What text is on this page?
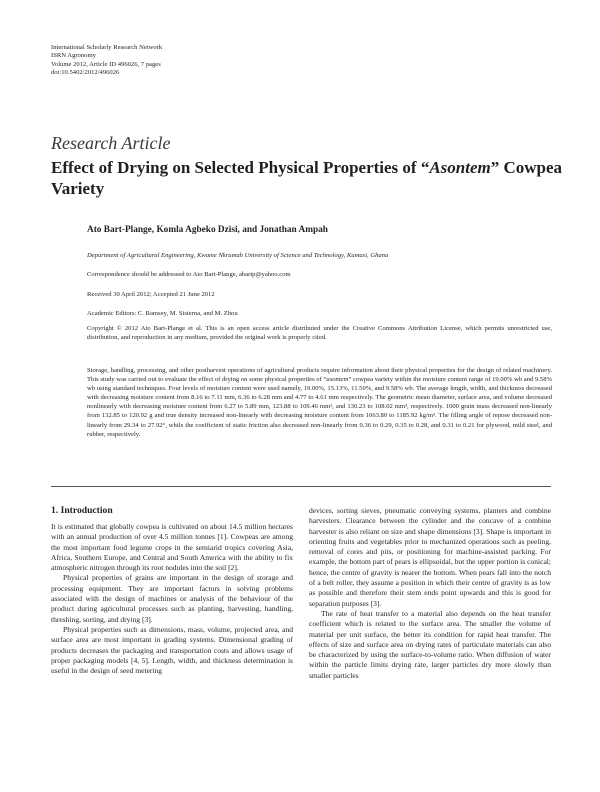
International Scholarly Research Network
ISRN Agronomy
Volume 2012, Article ID 496026, 7 pages
doi:10.5402/2012/496026
Research Article
Effect of Drying on Selected Physical Properties of “Asontem” Cowpea Variety
Ato Bart-Plange, Komla Agbeko Dzisi, and Jonathan Ampah
Department of Agricultural Engineering, Kwame Nkrumah University of Science and Technology, Kumasi, Ghana
Correspondence should be addressed to Ato Bart-Plange, abartp@yahoo.com
Received 30 April 2012; Accepted 21 June 2012
Academic Editors: C. Ramsey, M. Sisterna, and M. Zhou
Copyright © 2012 Ato Bart-Plange et al. This is an open access article distributed under the Creative Commons Attribution License, which permits unrestricted use, distribution, and reproduction in any medium, provided the original work is properly cited.
Storage, handling, processing, and other postharvest operations of agricultural products require information about their physical properties for the design of related machinery. This study was carried out to evaluate the effect of drying on some physical properties of “asontem” cowpea variety within the moisture content range of 19.00% wb and 9.58% wb using standard techniques. Four levels of moisture content were used namely, 19.00%, 15.13%, 11.50%, and 9.58% wb. The average length, width, and thickness decreased with decreasing moisture content from 8.16 to 7.11 mm, 6.36 to 6.28 mm and 4.77 to 4.61 mm respectively. The geometric mean diameter, surface area, and volume decreased nonlinearly with decreasing moisture content from 6.27 to 5.89 mm, 123.88 to 109.46 mm², and 130.23 to 108.02 mm³, respectively. 1000 grain mass decreased non-linearly from 132.85 to 120.92 g and true density increased non-linearly with decreasing moisture content from 1063.80 to 1185.92 kg/m³. The filling angle of repose decreased non-linearly from 29.34 to 27.92°, while the coefficient of static friction also decreased non-linearly from 0.36 to 0.29, 0.35 to 0.28, and 0.31 to 0.21 for plywood, mild steel, and rubber, respectively.
1. Introduction

It is estimated that globally cowpea is cultivated on about 14.5 million hectares with an annual production of over 4.5 million tonnes [1]. Cowpeas are among the most important food legume crops in the semiarid tropics covering Asia, Africa, Southern Europe, and Central and South America with the ability to fix atmospheric nitrogen through its root nodules into the soil [2].

Physical properties of grains are important in the design of storage and processing equipment. They are important factors in solving problems associated with the design of machines or analysis of the behaviour of the product during agricultural processes such as planting, harvesting, handling, threshing, sorting, and drying [3].

Physical properties such as dimensions, mass, volume, projected area, and surface area are most important in grading systems. Dimensional grading of products decreases the packaging and transportation costs and allows usage of proper packaging models [4, 5]. Length, width, and thickness determination is useful in the design of seed metering

devices, sorting sieves, pneumatic conveying systems, planters and combine harvesters. Clearance between the cylinder and the concave of a combine harvester is also reliant on size and shape dimensions [3]. Shape is important in orienting fruits and vegetables prior to mechanized operations such as peeling, removal of cores and pits, or positioning for machine-assisted packing. For example, the bottom part of pears is ellipsoidal, but the upper portion is conical; hence, the centre of gravity is nearer the bottom. When pears fall into the notch of a belt roller, they assume a position in which their centre of gravity is as low as possible and therefore their stem ends point upwards and this is good for separation purposes [3].

The rate of heat transfer to a material also depends on the heat transfer coefficient which is related to the surface area. The smaller the volume of material per unit surface, the better its condition for rapid heat transfer. The effects of size and surface area on drying rates of particulate materials can also be characterized by using the surface-to-volume ratio. When diffusion of water within the particle limits drying rate, larger particles dry more slowly than smaller particles
